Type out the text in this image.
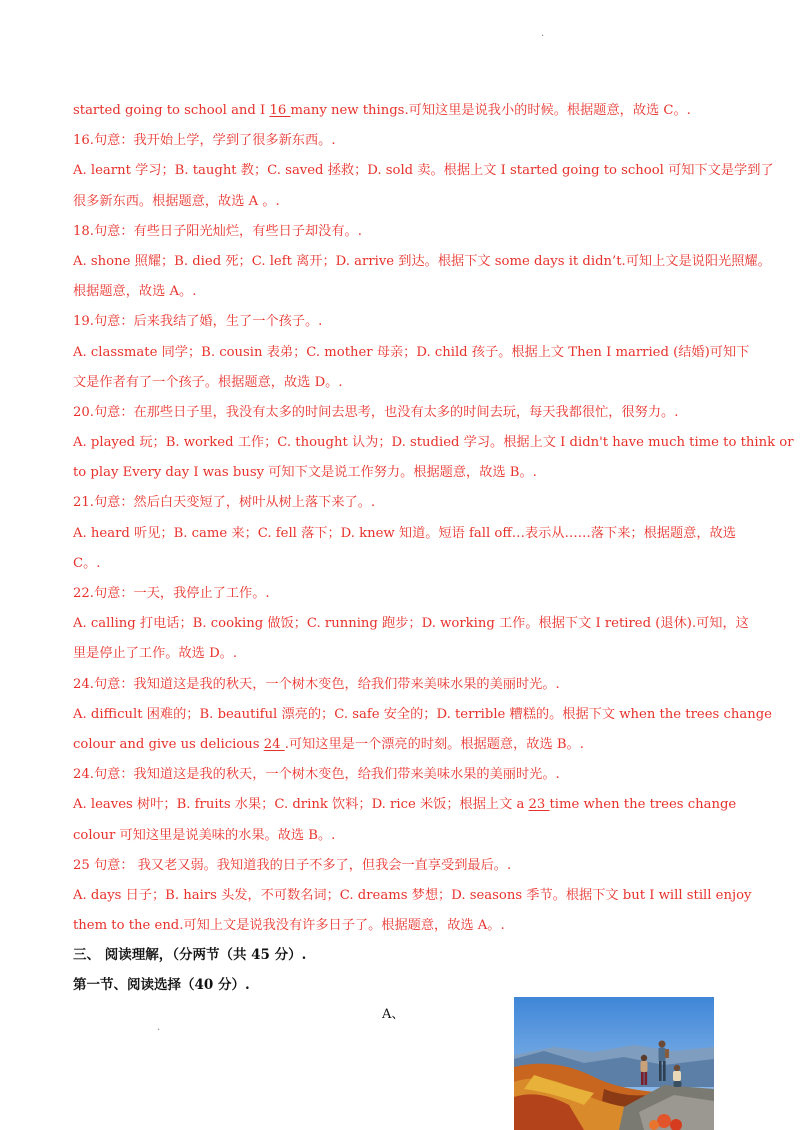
·
started going to school and I 16 many new things.可知这里是说我小的时候。根据题意，故选 C。.
16.句意：我开始上学，学到了很多新东西。.
A. learnt 学习；B. taught 教；C. saved 拯救；D. sold 卖。根据上文 I started going to school 可知下文是学到了
很多新东西。根据题意，故选 A 。.
18.句意：有些日子阳光灿烂，有些日子却没有。.
A. shone 照耀；B. died 死；C. left 离开；D. arrive 到达。根据下文 some days it didn’t.可知上文是说阳光照耀。
根据题意，故选 A。.
19.句意：后来我结了婚，生了一个孩子。.
A. classmate 同学；B. cousin 表弟；C. mother 母亲；D. child 孩子。根据上文 Then I married (结婚)可知下
文是作者有了一个孩子。根据题意，故选 D。.
20.句意：在那些日子里，我没有太多的时间去思考，也没有太多的时间去玩，每天我都很忙，很努力。.
A. played 玩；B. worked 工作；C. thought 认为；D. studied 学习。根据上文 I didn't have much time to think or
to play Every day I was busy 可知下文是说工作努力。根据题意，故选 B。.
21.句意：然后白天变短了，树叶从树上落下来了。.
A. heard 听见；B. came 来；C. fell 落下；D. knew 知道。短语 fall off…表示从……落下来；根据题意，故选
C。.
22.句意：一天，我停止了工作。.
A. calling 打电话；B. cooking 做饭；C. running 跑步；D. working 工作。根据下文 I retired (退休).可知，这
里是停止了工作。故选 D。.
24.句意：我知道这是我的秋天，一个树木变色，给我们带来美味水果的美丽时光。.
A. difficult 困难的；B. beautiful 漂亮的；C. safe 安全的；D. terrible 糟糕的。根据下文 when the trees change
colour and give us delicious 24 .可知这里是一个漂亮的时刻。根据题意，故选 B。.
24.句意：我知道这是我的秋天，一个树木变色，给我们带来美味水果的美丽时光。.
A. leaves 树叶；B. fruits 水果；C. drink 饮料；D. rice 米饭；根据上文 a 23 time when the trees change
colour 可知这里是说美味的水果。故选 B。.
25 句意： 我又老又弱。我知道我的日子不多了，但我会一直享受到最后。.
A. days 日子；B. hairs 头发，不可数名词；C. dreams 梦想；D. seasons 季节。根据下文 but I will still enjoy
them to the end.可知上文是说我没有许多日子了。根据题意，故选 A。.
三、 阅读理解，（分两节（共 45 分）.
第一节、阅读选择（40 分）.
·
A、
